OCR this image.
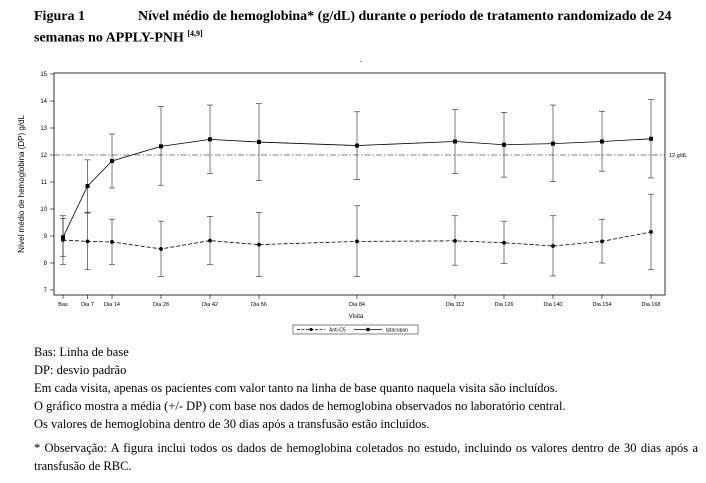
Figura 1	Nível médio de hemoglobina* (g/dL) durante o período de tratamento randomizado de 24 semanas no APPLY-PNH [4,9]
.
7
8
9
10
11
12
13
14
15
Bas Dia 7 Dia 14	Dia 28	Dia 42	Dia 56	Dia 84	Dia 112	Dia 126	Dia 140	Dia 154	Dia 168
12 g/dL
Nível médio de hemoglobina (DP) g/dL
Visita
Anti-C5	Iptacopan
Bas: Linha de base
DP: desvio padrão
Em cada visita, apenas os pacientes com valor tanto na linha de base quanto naquela visita são incluídos.
O gráfico mostra a média (+/- DP) com base nos dados de hemoglobina observados no laboratório central.
Os valores de hemoglobina dentro de 30 dias após a transfusão estão incluídos.
* Observação: A figura inclui todos os dados de hemoglobina coletados no estudo, incluindo os valores dentro de 30 dias após a transfusão de RBC.
